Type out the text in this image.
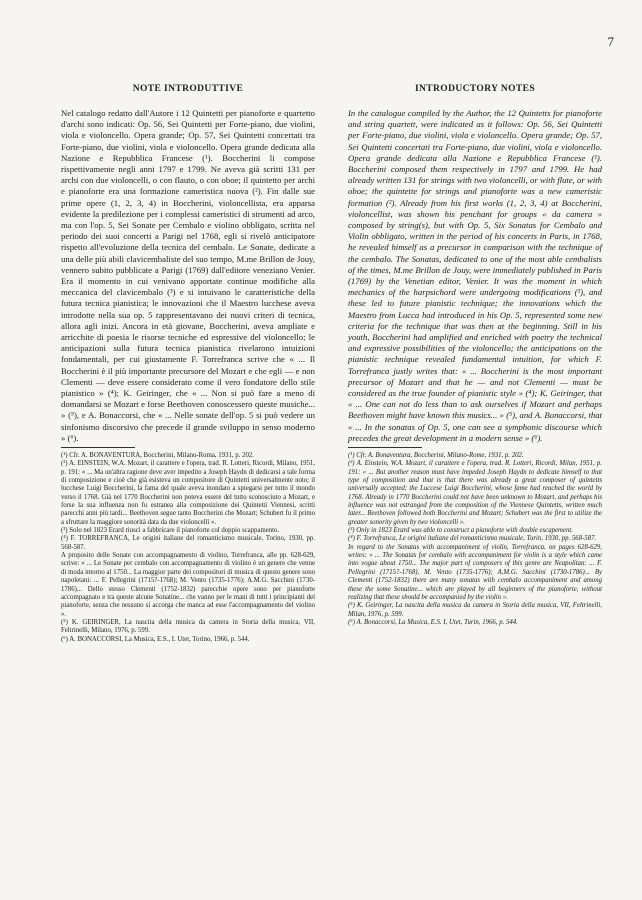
7
NOTE INTRODUTTIVE

Nel catalogo redatto dall'Autore i 12 Quintetti per pianoforte e quartetto d'archi sono indicati: Op. 56, Sei Quintetti per Forte-piano, due violini, viola e violoncello. Opera grande; Op. 57, Sei Quintetti concertati tra Forte-piano, due violini, viola e violoncello. Opera grande dedicata alla Nazione e Repubblica Francese (¹). Boccherini li compose rispettivamente negli anni 1797 e 1799. Ne aveva già scritti 131 per archi con due violoncelli, o con flauto, o con oboe; il quintetto per archi e pianoforte era una formazione cameristica nuova (²). Fin dalle sue prime opere (1, 2, 3, 4) in Boccherini, violoncellista, era apparsa evidente la predilezione per i complessi cameristici di strumenti ad arco, ma con l'op. 5, Sei Sonate per Cembalo e violino obbligato, scritta nel periodo dei suoi concerti a Parigi nel 1768, egli si rivelò anticipatore rispetto all'evoluzione della tecnica del cembalo. Le Sonate, dedicate a una delle più abili clavicembaliste del suo tempo, M.me Brillon de Jouy, vennero subito pubblicate a Parigi (1769) dall'editore veneziano Venier. Era il momento in cui venivano apportate continue modifiche alla meccanica del clavicembalo (³) e si intuivano le caratteristiche della futura tecnica pianistica; le innovazioni che il Maestro lucchese aveva introdotte nella sua op. 5 rappresentavano dei nuovi criteri di tecnica, allora agli inizi. Ancora in età giovane, Boccherini, aveva ampliate e arricchite di poesia le risorse tecniche ed espressive del violoncello; le anticipazioni sulla futura tecnica pianistica rivelarono intuizioni fondamentali, per cui giustamente F. Torrefranca scrive che « ... Il Boccherini è il più importante precursore del Mozart e che egli — e non Clementi — deve essere considerato come il vero fondatore dello stile pianistico » (⁴); K. Geiringer, che « ... Non si può fare a meno di domandarsi se Mozart e forse Beethoven conoscessero queste musiche... » (⁵), e A. Bonaccorsi, che « ... Nelle sonate dell'op. 5 si può vedere un sinfonismo discorsivo che precede il grande sviluppo in senso moderno » (⁶).

INTRODUCTORY NOTES

In the catalogue compiled by the Author, the 12 Quintetts for pianoforte and string quartett, were indicated as it follows: Op. 56, Sei Quintetti per Forte-piano, due violini, viola e violoncello. Opera grande; Op. 57, Sei Quintetti concertati tra Forte-piano, due violini, viola e violoncello. Opera grande dedicata alla Nazione e Repubblica Francese (¹). Boccherini composed them respectively in 1797 and 1799. He had already written 131 for strings with two violoncelli, or with flute, or with oboe; the quintette for strings and pianoforte was a new cameristic formation (²). Already from his first works (1, 2, 3, 4) at Boccherini, violoncellist, was shown his penchant for groups « da camera » composed by string(s), but with Op. 5, Six Sonatas for Cembalo and Violin obbligato, written in the period of his concerts in Paris, in 1768, he revealed himself as a precursor in comparison with the technique of the cembalo. The Sonatas, dedicated to one of the most able cembalists of the times, M.me Brillon de Jouy, were immediately published in Paris (1769) by the Venetian editor, Venier. It was the moment in which mechanics of the harpsichord were undergoing modifications (³), and these led to future pianistic technique; the innovations which the Maestro from Lucca had introduced in his Op. 5, represented some new criteria for the technique that was then at the beginning. Still in his youth, Boccherini had amplified and enriched with poetry the technical and expressive possibilities of the violoncello; the anticipations on the pianistic technique revealed fundamental intuition, for which F. Torrefranca justly writes that: « ... Boccherini is the most important precursor of Mozart and that he — and not Clementi — must be considered as the true founder of pianistic style » (⁴); K. Geiringer, that « ... One can not do less than to ask ourselves if Mozart and perhaps Beethoven might have known this musics... » (⁵), and A. Bonaccorsi, that « ... In the sonatas of Op. 5, one can see a symphonic discourse which precedes the great development in a modern sense » (⁶).

(¹) Cfr. A. BONAVENTURA, Boccherini, Milano-Roma, 1931, p. 202.

(²) A. EINSTEIN, W.A. Mozart, il carattere e l'opera, trad. R. Lotteri, Ricordi, Milano, 1951, p. 191: « ... Ma un'altra ragione deve aver impedito a Joseph Haydn di dedicarsi a tale forma di composizione e cioè che già esisteva un compositore di Quintetti universalmente noto; il lucchese Luigi Boccherini, la fama del quale aveva inondato a spiegarsi per tutto il mondo verso il 1768. Già nel 1770 Boccherini non poteva essere del tutto sconosciuto a Mozart, e forse la sua influenza non fu estranea alla composizione dei Quintetti Viennesi, scritti parecchi anni più tardi... Beethoven segue tanto Boccherini che Mozart; Schubert fu il primo a sfruttare la maggiore sonorità data da due violoncelli ».

(³) Solo nel 1823 Erard riuscì a fabbricare il pianoforte col doppio scappamento.

(⁴) F. TORREFRANCA, Le origini italiane del romanticismo musicale, Torino, 1930, pp. 568-587.

A proposito delle Sonate con accompagnamento di violino, Torrefranca, alle pp. 628-629, scrive: « ... Le Sonate per cembalo con accompagnamento di violino è un genere che venne di moda intorno al 1750... La maggior parte dei compositori di musica di questo genere sono napoletani: ... F. Pellegrini (1715?-1768); M. Vento (1735-1776); A.M.G. Sacchini (1730-1786)... Dello stesso Clementi (1752-1832) parecchie opere sono per pianoforte accompagnato e tra queste alcune Sonatine... che vanno per le mani di tutti i principianti del pianoforte, senza che nessuno si accorga che manca ad esse l'accompagnamento del violino ».

(⁵) K. GEIRINGER, La nascita della musica da camera in Storia della musica, VII, Feltrinelli, Milano, 1976, p. 599.

(⁶) A. BONACCORSI, La Musica, E.S., I. Utet, Torino, 1966, p. 544.

(¹) Cfr. A. Bonaventura, Boccherini, Milano-Rome, 1931, p. 202.

(²) A. Einstein, W.A. Mozart, il carattere e l'opera, trad. R. Lotteri, Ricordi, Milan, 1951, p. 191: « ... But another reason must have impeded Joseph Haydn to dedicate himself to that type of composition and that is that there was already a great composer of quintetts universally accepted; the Luccese Luigi Boccherini, whose fame had reached the world by 1768. Already in 1770 Boccherini could not have been unknown to Mozart, and perhaps his influence was not estranged from the composition of the Viennese Quintetts, written much later... Beethoven followed both Boccherini and Mozart; Schubert was the first to utilize the greater sonority given by two violoncelli ».

(³) Only in 1823 Erard was able to construct a pianoforte with double escapement.

(⁴) F. Torrefranca, Le origini italiane del romanticismo musicale, Turin, 1930, pp. 568-587.

In regard to the Sonatas with accompaniment of violin, Torrefranca, on pages 628-629, writes: « ... The Sonatas for cembalo with accompaniment for violin is a style which came into vogue about 1750... The major part of composers of this genre are Neapolitan: ... F. Pellegrini (1715?-1768), M. Vento (1735-1776); A.M.G. Sacchini (1730-1786)... By Clementi (1752-1832) there are many sonatas with cembalo accompaniment and among these the some Sonatine... which are played by all beginners of the pianoforte, without realizing that these should be accompanied by the violin ».

(⁵) K. Geiringer, La nascita della musica da camera in Storia della musica, VII, Feltrinelli, Milan, 1976, p. 599.

(⁶) A. Bonaccorsi, La Musica, E.S. I, Utet, Turin, 1966, p. 544.
